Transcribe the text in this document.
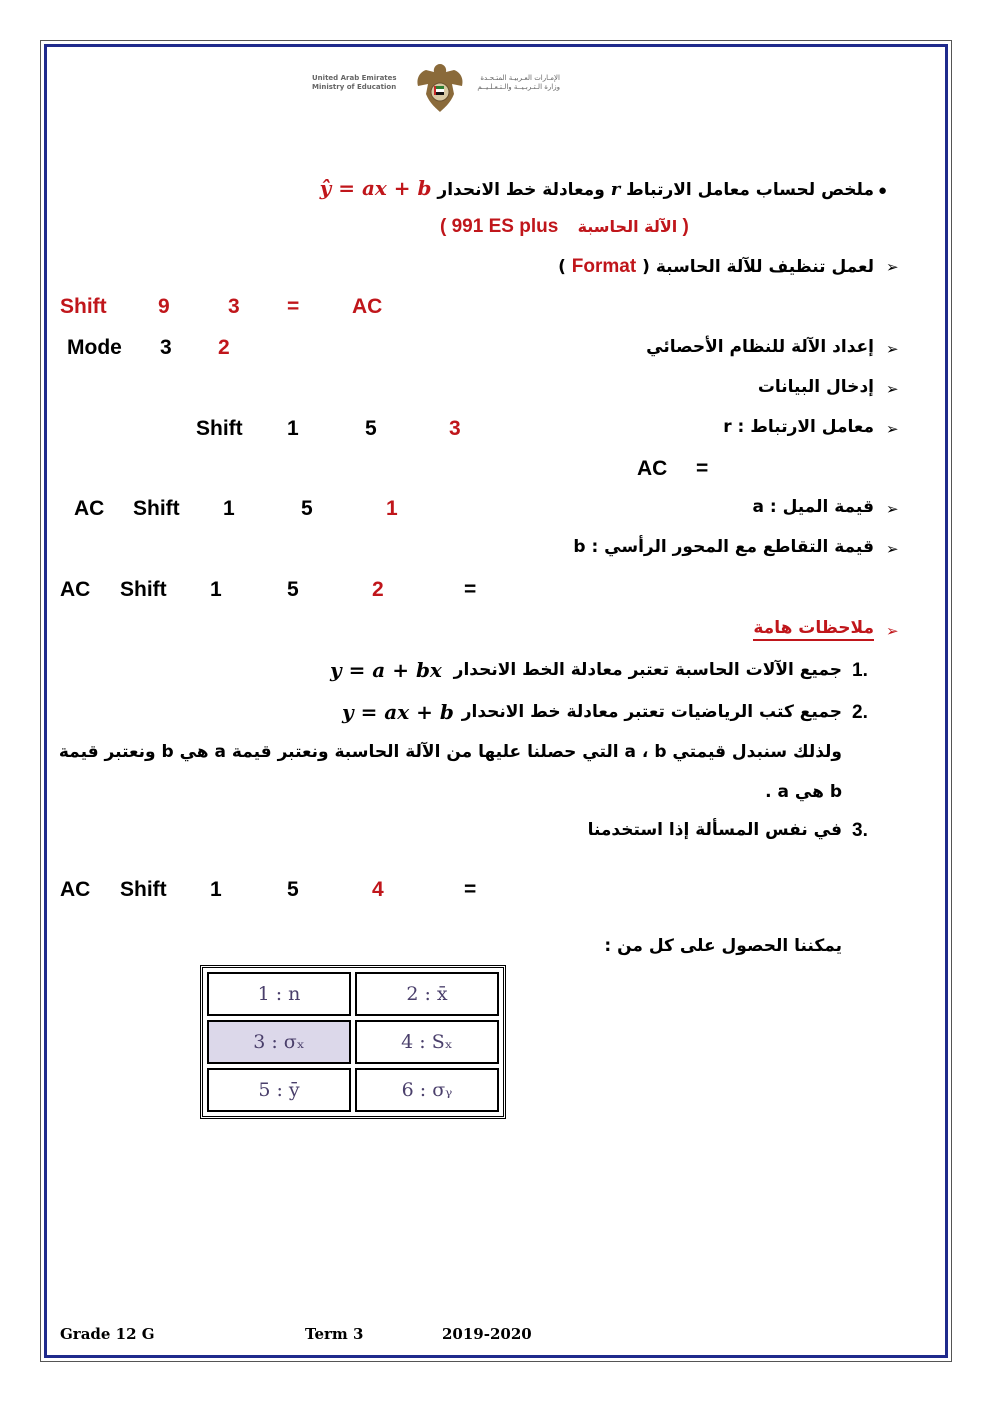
United Arab Emirates
Ministry of Education
الإمـارات العـربيـة المتـحـدة
وزارة الـتـربـيــة والـتـعـلـيــم
●
ملخص لحساب معامل الارتباط r ومعادلة خط الانحدار ŷ = ax + b
( 991 ES plus الآلة الحاسبة )
➢
لعمل تنظيف للآلة الحاسبة ( Format )
Shift 9	3 =	AC
➢
إعداد الآلة للنظام الأحصائي
Mode 3 2
➢
إدخال البيانات
➢
معامل الارتباط : r
Shift 1	5	3
AC =
➢
قيمة الميل : a
AC Shift 1	5	1
➢
قيمة التقاطع مع المحور الرأسي : b
AC Shift 1	5	2	=
➢
ملاحظات هامة
1.
جميع الآلات الحاسبة تعتبر معادلة الخط الانحدار
y = a + bx
2.
جميع كتب الرياضيات تعتبر معادلة خط الانحدار
y = ax + b
ولذلك سنبدل قيمتي a ، b التي حصلنا عليها من الآلة الحاسبة ونعتبر قيمة a هي b ونعتبر قيمة
b هي a .
3.
في نفس المسألة إذا استخدمنا
AC Shift 1	5	4	=
يمكننا الحصول على كل من :
1 : n	2 : x̄
3 : σₓ	4 : Sₓ
5 : ȳ	6 : σᵧ
Grade 12 G	Term 3	2019-2020
